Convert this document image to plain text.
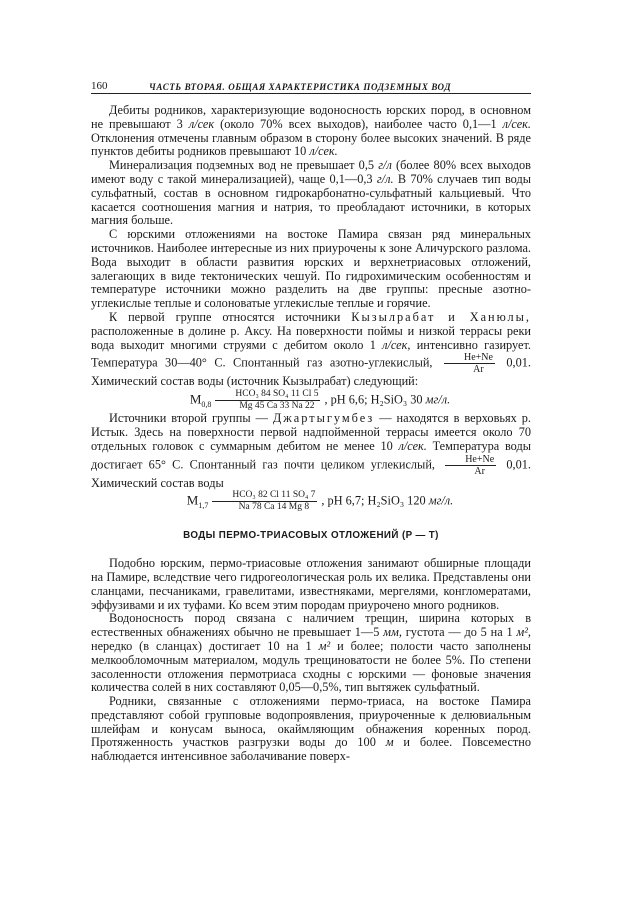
160	ЧАСТЬ ВТОРАЯ. ОБЩАЯ ХАРАКТЕРИСТИКА ПОДЗЕМНЫХ ВОД

Дебиты родников, характеризующие водоносность юрских пород, в основном не превышают 3 л/сек (около 70% всех выходов), наиболее часто 0,1—1 л/сек. Отклонения отмечены главным образом в сторону более высоких значений. В ряде пунктов дебиты родников превышают 10 л/сек.

Минерализация подземных вод не превышает 0,5 г/л (более 80% всех выходов имеют воду с такой минерализацией), чаще 0,1—0,3 г/л. В 70% случаев тип воды сульфатный, состав в основном гидрокарбонатно-сульфатный кальциевый. Что касается соотношения магния и натрия, то преобладают источники, в которых магния больше.

С юрскими отложениями на востоке Памира связан ряд минеральных источников. Наиболее интересные из них приурочены к зоне Аличурского разлома. Вода выходит в области развития юрских и верхнетриасовых отложений, залегающих в виде тектонических чешуй. По гидрохимическим особенностям и температуре источники можно разделить на две группы: пресные азотно-углекислые теплые и солоноватые углекислые теплые и горячие.

К первой группе относятся источники Кызылрабат и Ханюлы, расположенные в долине р. Аксу. На поверхности поймы и низкой террасы реки вода выходит многими струями с дебитом около 1 л/сек, интенсивно газирует. Температура 30—40° С. Спонтанный газ азотно-углекислый, $\frac{He+Ne}{Ar} 0,01$. Химический состав воды (источник Кызылрабат) следующий:

$M_{0,8} \frac{\text{HCO₃ 84 SO₄ 11 Cl 5}}{Mg 45 Ca 33 Na 22}$ , pH 6,6; H₂SiO₃ 30 мг/л.

Источники второй группы — Джартыгумбез — находятся в верховьях р. Истык. Здесь на поверхности первой надпойменной террасы имеется около 70 отдельных головок с суммарным дебитом не менее 10 л/сек. Температура воды достигает 65° С. Спонтанный газ почти целиком углекислый, $\frac{He+Ne}{Ar} 0,01$. Химический состав воды

$M_{1,7} \frac{\text{HCO₃ 82 Cl 11 SO₄ 7}}{Na 78 Ca 14 Mg 8}$ , pH 6,7; H₂SiO₃ 120 мг/л.

ВОДЫ ПЕРМО-ТРИАСОВЫХ ОТЛОЖЕНИЙ (P — T)

Подобно юрским, пермо-триасовые отложения занимают обширные площади на Памире, вследствие чего гидрогеологическая роль их велика. Представлены они сланцами, песчаниками, гравелитами, известняками, мергелями, конгломератами, эффузивами и их туфами. Ко всем этим породам приурочено много родников.

Водоносность пород связана с наличием трещин, ширина которых в естественных обнажениях обычно не превышает 1—5 мм, густота — до 5 на 1 м², нередко (в сланцах) достигает 10 на 1 м² и более; полости часто заполнены мелкообломочным материалом, модуль трещиноватости не более 5%. По степени засоленности отложения пермотриаса сходны с юрскими — фоновые значения количества солей в них составляют 0,05—0,5%, тип вытяжек сульфатный.

Родники, связанные с отложениями пермо-триаса, на востоке Памира представляют собой групповые водопроявления, приуроченные к делювиальным шлейфам и конусам выноса, окаймляющим обнажения коренных пород. Протяженность участков разгрузки воды до 100 м и более. Повсеместно наблюдается интенсивное заболачивание поверх-
